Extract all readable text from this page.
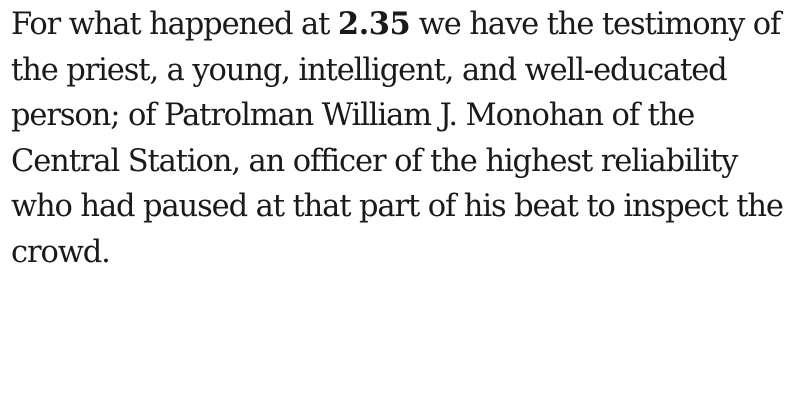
For what happened at 2.35 we have the testimony of the priest, a young, intelligent, and well-educated person; of Patrolman William J. Monohan of the Central Station, an officer of the highest reliability who had paused at that part of his beat to inspect the crowd.
